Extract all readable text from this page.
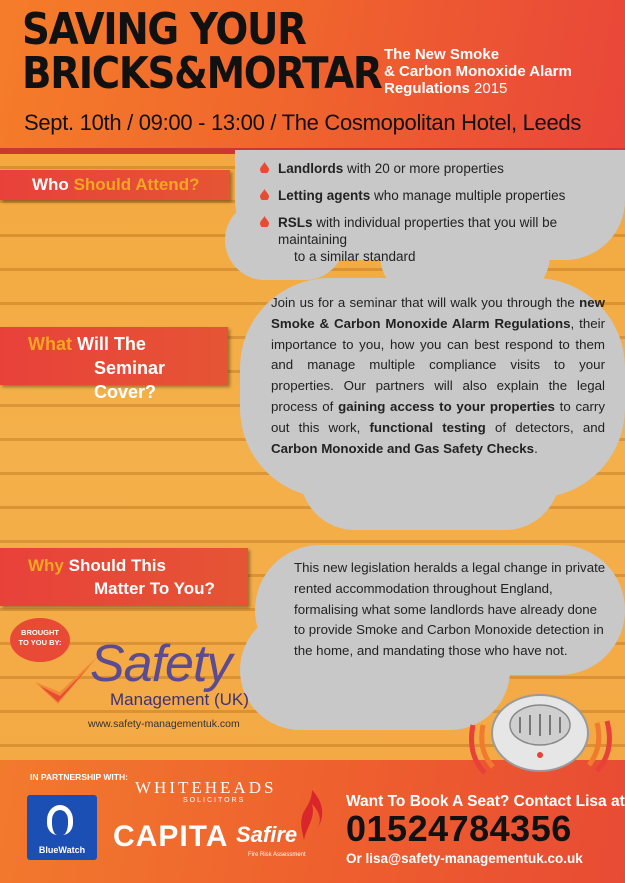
SAVING YOUR
BRICKS&MORTAR The New Smoke
& Carbon Monoxide Alarm
Regulations 2015
Sept. 10th / 09:00 - 13:00 / The Cosmopolitan Hotel, Leeds
Who Should Attend?
Landlords with 20 or more properties
Letting agents who manage multiple properties
RSLs with individual properties that you will be maintaining
to a similar standard
What Will The
Seminar Cover?
Join us for a seminar that will walk you through the new Smoke & Carbon Monoxide Alarm Regulations, their importance to you, how you can best respond to them and manage multiple compliance visits to your properties. Our partners will also explain the legal process of gaining access to your properties to carry out this work, functional testing of detectors, and Carbon Monoxide and Gas Safety Checks.
Why Should This
Matter To You?
This new legislation heralds a legal change in private rented accommodation throughout England, formalising what some landlords have already done to provide Smoke and Carbon Monoxide detection in the home, and mandating those who have not.
BROUGHT
TO YOU BY: Safety
Management (UK)
www.safety-managementuk.com
IN PARTNERSHIP WITH:
BlueWatch
WHITEHEADS
SOLICITORS
CAPITA Safire
Fire Risk Assessment
Want To Book A Seat? Contact Lisa at
01524784356
Or lisa@safety-managementuk.co.uk
